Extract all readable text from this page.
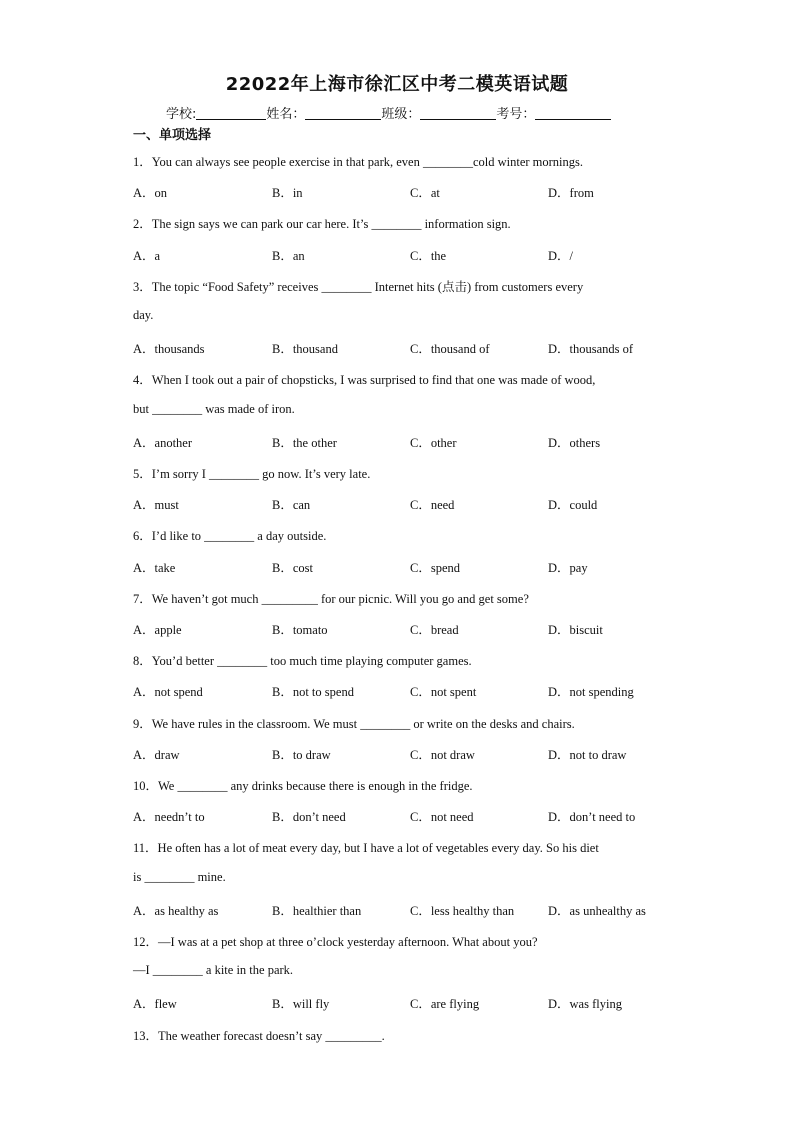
22022年上海市徐汇区中考二模英语试题
学校:	姓名：	班级：	考号：
一、单项选择
1．You can always see people exercise in that park, even ________cold winter mornings.
A．on	B．in	C．at	D．from
2．The sign says we can park our car here. It’s ________ information sign.
A．a	B．an	C．the	D．/
3．The topic “Food Safety” receives ________ Internet hits (点击) from customers every
day.
A．thousands	B．thousand	C．thousand of	D．thousands of
4．When I took out a pair of chopsticks, I was surprised to find that one was made of wood,
but ________ was made of iron.
A．another	B．the other	C．other	D．others
5．I’m sorry I ________ go now. It’s very late.
A．must	B．can	C．need	D．could
6．I’d like to ________ a day outside.
A．take	B．cost	C．spend	D．pay
7．We haven’t got much _________ for our picnic. Will you go and get some?
A．apple	B．tomato	C．bread	D．biscuit
8．You’d better ________ too much time playing computer games.
A．not spend	B．not to spend	C．not spent	D．not spending
9．We have rules in the classroom. We must ________ or write on the desks and chairs.
A．draw	B．to draw	C．not draw	D．not to draw
10．We ________ any drinks because there is enough in the fridge.
A．needn’t to	B．don’t need	C．not need	D．don’t need to
11．He often has a lot of meat every day, but I have a lot of vegetables every day. So his diet
is ________ mine.
A．as healthy as	B．healthier than	C．less healthy than	D．as unhealthy as
12．—I was at a pet shop at three o’clock yesterday afternoon. What about you?
—I ________ a kite in the park.
A．flew	B．will fly	C．are flying	D．was flying
13．The weather forecast doesn’t say _________.
